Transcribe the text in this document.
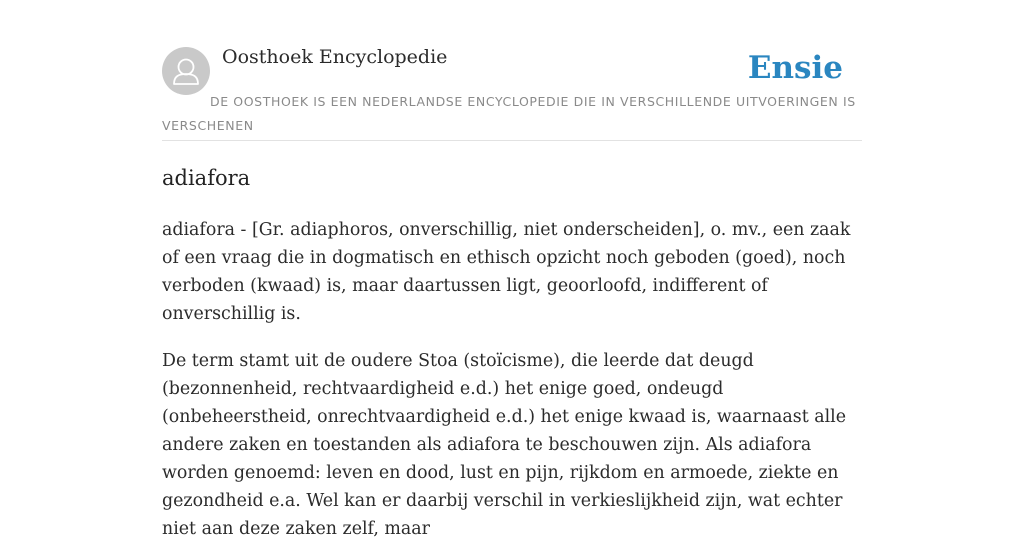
Oosthoek Encyclopedie	Ensie
DE OOSTHOEK IS EEN NEDERLANDSE ENCYCLOPEDIE DIE IN VERSCHILLENDE UITVOERINGEN IS VERSCHENEN
adiafora

adiafora - [Gr. adiaphoros, onverschillig, niet onderscheiden], o. mv., een zaak of een vraag die in dogmatisch en ethisch opzicht noch geboden (goed), noch verboden (kwaad) is, maar daartussen ligt, geoorloofd, indifferent of onverschillig is.

De term stamt uit de oudere Stoa (stoïcisme), die leerde dat deugd (bezonnenheid, rechtvaardigheid e.d.) het enige goed, ondeugd (onbeheerstheid, onrechtvaardigheid e.d.) het enige kwaad is, waarnaast alle andere zaken en toestanden als adiafora te beschouwen zijn. Als adiafora worden genoemd: leven en dood, lust en pijn, rijkdom en armoede, ziekte en gezondheid e.a. Wel kan er daarbij verschil in verkieslijkheid zijn, wat echter niet aan deze zaken zelf, maar
